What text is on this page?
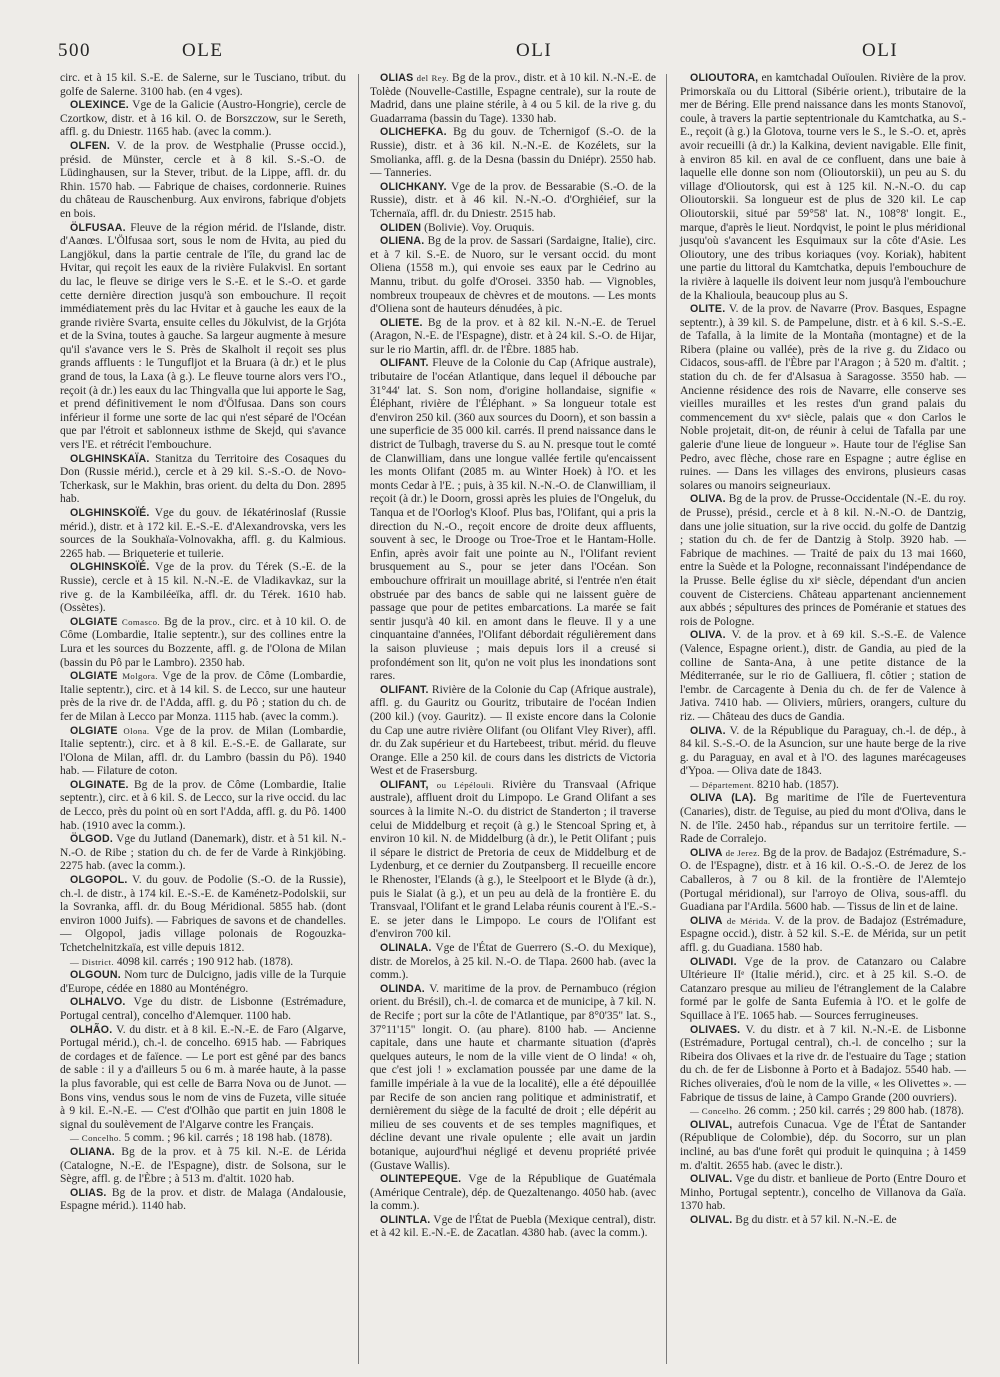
500	OLE	OLI	OLI

circ. et à 15 kil. S.-E. de Salerne, sur le Tusciano, tribut. du golfe de Salerne. 3100 hab. (en 4 vges).

OLEXINCE. Vge de la Galicie (Austro-Hongrie), cercle de Czortkow, distr. et à 16 kil. O. de Borszczow, sur le Sereth, affl. g. du Dniestr. 1165 hab. (avec la comm.).

OLFEN. V. de la prov. de Westphalie (Prusse occid.), présid. de Münster, cercle et à 8 kil. S.-S.-O. de Lüdinghausen, sur la Stever, tribut. de la Lippe, affl. dr. du Rhin. 1570 hab. — Fabrique de chaises, cordonnerie. Ruines du château de Rauschenburg. Aux environs, fabrique d'objets en bois.

ÖLFUSAA. Fleuve de la région mérid. de l'Islande, distr. d'Aanœs. L'Ölfusaa sort, sous le nom de Hvita, au pied du Langjökul, dans la partie centrale de l'île, du grand lac de Hvitar, qui reçoit les eaux de la rivière Fulakvisl. En sortant du lac, le fleuve se dirige vers le S.-E. et le S.-O. et garde cette dernière direction jusqu'à son embouchure. Il reçoit immédiatement près du lac Hvitar et à gauche les eaux de la grande rivière Svarta, ensuite celles du Jökulvist, de la Grjóta et de la Svina, toutes à gauche. Sa largeur augmente à mesure qu'il s'avance vers le S. Près de Skalholt il reçoit ses plus grands affluents : le Tungufljot et la Bruara (à dr.) et le plus grand de tous, la Laxa (à g.). Le fleuve tourne alors vers l'O., reçoit (à dr.) les eaux du lac Thingvalla que lui apporte le Sag, et prend définitivement le nom d'Ölfusaa. Dans son cours inférieur il forme une sorte de lac qui n'est séparé de l'Océan que par l'étroit et sablonneux isthme de Skejd, qui s'avance vers l'E. et rétrécit l'embouchure.

OLGHINSKAÏA. Stanitza du Territoire des Cosaques du Don (Russie mérid.), cercle et à 29 kil. S.-S.-O. de Novo-Tcherkask, sur le Makhin, bras orient. du delta du Don. 2895 hab.

OLGHINSKOÏÉ. Vge du gouv. de Iékatérinoslaf (Russie mérid.), distr. et à 172 kil. E.-S.-E. d'Alexandrovska, vers les sources de la Soukhaïa-Volnovakha, affl. g. du Kalmious. 2265 hab. — Briqueterie et tuilerie.

OLGHINSKOÏÉ. Vge de la prov. du Térek (S.-E. de la Russie), cercle et à 15 kil. N.-N.-E. de Vladikavkaz, sur la rive g. de la Kambiléeïka, affl. dr. du Térek. 1610 hab. (Ossètes).

OLGIATE Comasco. Bg de la prov., circ. et à 10 kil. O. de Côme (Lombardie, Italie septentr.), sur des collines entre la Lura et les sources du Bozzente, affl. g. de l'Olona de Milan (bassin du Pô par le Lambro). 2350 hab.

OLGIATE Molgora. Vge de la prov. de Côme (Lombardie, Italie septentr.), circ. et à 14 kil. S. de Lecco, sur une hauteur près de la rive dr. de l'Adda, affl. g. du Pô ; station du ch. de fer de Milan à Lecco par Monza. 1115 hab. (avec la comm.).

OLGIATE Olona. Vge de la prov. de Milan (Lombardie, Italie septentr.), circ. et à 8 kil. E.-S.-E. de Gallarate, sur l'Olona de Milan, affl. dr. du Lambro (bassin du Pô). 1940 hab. — Filature de coton.

OLGINATE. Bg de la prov. de Côme (Lombardie, Italie septentr.), circ. et à 6 kil. S. de Lecco, sur la rive occid. du lac de Lecco, près du point où en sort l'Adda, affl. g. du Pô. 1400 hab. (1910 avec la comm.).

ÖLGOD. Vge du Jutland (Danemark), distr. et à 51 kil. N.-N.-O. de Ribe ; station du ch. de fer de Varde à Rinkjöbing. 2275 hab. (avec la comm.).

OLGOPOL. V. du gouv. de Podolie (S.-O. de la Russie), ch.-l. de distr., à 174 kil. E.-S.-E. de Kaménetz-Podolskii, sur la Sovranka, affl. dr. du Boug Méridional. 5855 hab. (dont environ 1000 Juifs). — Fabriques de savons et de chandelles. — Olgopol, jadis village polonais de Rogouzka-Tchetchelnitzkaïa, est ville depuis 1812.

— District. 4098 kil. carrés ; 190 912 hab. (1878).

OLGOUN. Nom turc de Dulcigno, jadis ville de la Turquie d'Europe, cédée en 1880 au Monténégro.

OLHALVO. Vge du distr. de Lisbonne (Estrémadure, Portugal central), concelho d'Alemquer. 1100 hab.

OLHÃO. V. du distr. et à 8 kil. E.-N.-E. de Faro (Algarve, Portugal mérid.), ch.-l. de concelho. 6915 hab. — Fabriques de cordages et de faïence. — Le port est gêné par des bancs de sable : il y a d'ailleurs 5 ou 6 m. à marée haute, à la passe la plus favorable, qui est celle de Barra Nova ou de Junot. — Bons vins, vendus sous le nom de vins de Fuzeta, ville située à 9 kil. E.-N.-E. — C'est d'Olhão que partit en juin 1808 le signal du soulèvement de l'Algarve contre les Français.

— Concelho. 5 comm. ; 96 kil. carrés ; 18 198 hab. (1878).

OLIANA. Bg de la prov. et à 75 kil. N.-E. de Lérida (Catalogne, N.-E. de l'Espagne), distr. de Solsona, sur le Sègre, affl. g. de l'Èbre ; à 513 m. d'altit. 1020 hab.

OLIAS. Bg de la prov. et distr. de Malaga (Andalousie, Espagne mérid.). 1140 hab.

OLIAS del Rey. Bg de la prov., distr. et à 10 kil. N.-N.-E. de Tolède (Nouvelle-Castille, Espagne centrale), sur la route de Madrid, dans une plaine stérile, à 4 ou 5 kil. de la rive g. du Guadarrama (bassin du Tage). 1330 hab.

OLICHEFKA. Bg du gouv. de Tchernigof (S.-O. de la Russie), distr. et à 36 kil. N.-N.-E. de Kozélets, sur la Smolianka, affl. g. de la Desna (bassin du Dniépr). 2550 hab. — Tanneries.

OLICHKANY. Vge de la prov. de Bessarabie (S.-O. de la Russie), distr. et à 46 kil. N.-N.-O. d'Orghiéief, sur la Tchernaïa, affl. dr. du Dniestr. 2515 hab.

OLIDEN (Bolivie). Voy. Oruquis.

OLIENA. Bg de la prov. de Sassari (Sardaigne, Italie), circ. et à 7 kil. S.-E. de Nuoro, sur le versant occid. du mont Oliena (1558 m.), qui envoie ses eaux par le Cedrino au Mannu, tribut. du golfe d'Orosei. 3350 hab. — Vignobles, nombreux troupeaux de chèvres et de moutons. — Les monts d'Oliena sont de hauteurs dénudées, à pic.

OLIETE. Bg de la prov. et à 82 kil. N.-N.-E. de Teruel (Aragon, N.-E. de l'Espagne), distr. et à 24 kil. S.-O. de Hijar, sur le rio Martin, affl. dr. de l'Èbre. 1885 hab.

OLIFANT. Fleuve de la Colonie du Cap (Afrique australe), tributaire de l'océan Atlantique, dans lequel il débouche par 31°44' lat. S. Son nom, d'origine hollandaise, signifie « Éléphant, rivière de l'Éléphant. » Sa longueur totale est d'environ 250 kil. (360 aux sources du Doorn), et son bassin a une superficie de 35 000 kil. carrés. Il prend naissance dans le district de Tulbagh, traverse du S. au N. presque tout le comté de Clanwilliam, dans une longue vallée fertile qu'encaissent les monts Olifant (2085 m. au Winter Hoek) à l'O. et les monts Cedar à l'E. ; puis, à 35 kil. N.-N.-O. de Clanwilliam, il reçoit (à dr.) le Doorn, grossi après les pluies de l'Ongeluk, du Tanqua et de l'Oorlog's Kloof. Plus bas, l'Olifant, qui a pris la direction du N.-O., reçoit encore de droite deux affluents, souvent à sec, le Drooge ou Troe-Troe et le Hantam-Holle. Enfin, après avoir fait une pointe au N., l'Olifant revient brusquement au S., pour se jeter dans l'Océan. Son embouchure offrirait un mouillage abrité, si l'entrée n'en était obstruée par des bancs de sable qui ne laissent guère de passage que pour de petites embarcations. La marée se fait sentir jusqu'à 40 kil. en amont dans le fleuve. Il y a une cinquantaine d'années, l'Olifant débordait régulièrement dans la saison pluvieuse ; mais depuis lors il a creusé si profondément son lit, qu'on ne voit plus les inondations sont rares.

OLIFANT. Rivière de la Colonie du Cap (Afrique australe), affl. g. du Gauritz ou Gouritz, tributaire de l'océan Indien (200 kil.) (voy. Gauritz). — Il existe encore dans la Colonie du Cap une autre rivière Olifant (ou Olifant Vley River), affl. dr. du Zak supérieur et du Hartebeest, tribut. mérid. du fleuve Orange. Elle a 250 kil. de cours dans les districts de Victoria West et de Frasersburg.

OLIFANT, ou Lépélouli. Rivière du Transvaal (Afrique australe), affluent droit du Limpopo. Le Grand Olifant a ses sources à la limite N.-O. du district de Standerton ; il traverse celui de Middelburg et reçoit (à g.) le Stencoal Spring et, à environ 10 kil. N. de Middelburg (à dr.), le Petit Olifant ; puis il sépare le district de Pretoria de ceux de Middelburg et de Lydenburg, et ce dernier du Zoutpansberg. Il recueille encore le Rhenoster, l'Elands (à g.), le Steelpoort et le Blyde (à dr.), puis le Sialat (à g.), et un peu au delà de la frontière E. du Transvaal, l'Olifant et le grand Lelaba réunis courent à l'E.-S.-E. se jeter dans le Limpopo. Le cours de l'Olifant est d'environ 700 kil.

OLINALA. Vge de l'État de Guerrero (S.-O. du Mexique), distr. de Morelos, à 25 kil. N.-O. de Tlapa. 2600 hab. (avec la comm.).

OLINDA. V. maritime de la prov. de Pernambuco (région orient. du Brésil), ch.-l. de comarca et de municipe, à 7 kil. N. de Recife ; port sur la côte de l'Atlantique, par 8°0'35" lat. S., 37°11'15" longit. O. (au phare). 8100 hab. — Ancienne capitale, dans une haute et charmante situation (d'après quelques auteurs, le nom de la ville vient de O linda! « oh, que c'est joli ! » exclamation poussée par une dame de la famille impériale à la vue de la localité), elle a été dépouillée par Recife de son ancien rang politique et administratif, et dernièrement du siège de la faculté de droit ; elle dépérit au milieu de ses couvents et de ses temples magnifiques, et décline devant une rivale opulente ; elle avait un jardin botanique, aujourd'hui négligé et devenu propriété privée (Gustave Wallis).

OLINTEPEQUE. Vge de la République de Guatémala (Amérique Centrale), dép. de Quezaltenango. 4050 hab. (avec la comm.).

OLINTLA. Vge de l'État de Puebla (Mexique central), distr. et à 42 kil. E.-N.-E. de Zacatlan. 4380 hab. (avec la comm.).

OLIOUTORA, en kamtchadal Ouïoulen. Rivière de la prov. Primorskaïa ou du Littoral (Sibérie orient.), tributaire de la mer de Béring. Elle prend naissance dans les monts Stanovoï, coule, à travers la partie septentrionale du Kamtchatka, au S.-E., reçoit (à g.) la Glotova, tourne vers le S., le S.-O. et, après avoir recueilli (à dr.) la Kalkina, devient navigable. Elle finit, à environ 85 kil. en aval de ce confluent, dans une baie à laquelle elle donne son nom (Olioutorskii), un peu au S. du village d'Olioutorsk, qui est à 125 kil. N.-N.-O. du cap Olioutorskii. Sa longueur est de plus de 320 kil. Le cap Olioutorskii, situé par 59°58' lat. N., 108°8' longit. E., marque, d'après le lieut. Nordqvist, le point le plus méridional jusqu'où s'avancent les Esquimaux sur la côte d'Asie. Les Olioutory, une des tribus koriaques (voy. Koriak), habitent une partie du littoral du Kamtchatka, depuis l'embouchure de la rivière à laquelle ils doivent leur nom jusqu'à l'embouchure de la Khalioula, beaucoup plus au S.

OLITE. V. de la prov. de Navarre (Prov. Basques, Espagne septentr.), à 39 kil. S. de Pampelune, distr. et à 6 kil. S.-S.-E. de Tafalla, à la limite de la Montaña (montagne) et de la Ribera (plaine ou vallée), près de la rive g. du Zidaco ou Cidacos, sous-affl. de l'Èbre par l'Aragon ; à 520 m. d'altit. ; station du ch. de fer d'Alsasua à Saragosse. 3550 hab. — Ancienne résidence des rois de Navarre, elle conserve ses vieilles murailles et les restes d'un grand palais du commencement du xvᵉ siècle, palais que « don Carlos le Noble projetait, dit-on, de réunir à celui de Tafalla par une galerie d'une lieue de longueur ». Haute tour de l'église San Pedro, avec flèche, chose rare en Espagne ; autre église en ruines. — Dans les villages des environs, plusieurs casas solares ou manoirs seigneuriaux.

OLIVA. Bg de la prov. de Prusse-Occidentale (N.-E. du roy. de Prusse), présid., cercle et à 8 kil. N.-N.-O. de Dantzig, dans une jolie situation, sur la rive occid. du golfe de Dantzig ; station du ch. de fer de Dantzig à Stolp. 3920 hab. — Fabrique de machines. — Traité de paix du 13 mai 1660, entre la Suède et la Pologne, reconnaissant l'indépendance de la Prusse. Belle église du xiᵉ siècle, dépendant d'un ancien couvent de Cisterciens. Château appartenant anciennement aux abbés ; sépultures des princes de Poméranie et statues des rois de Pologne.

OLIVA. V. de la prov. et à 69 kil. S.-S.-E. de Valence (Valence, Espagne orient.), distr. de Gandia, au pied de la colline de Santa-Ana, à une petite distance de la Méditerranée, sur le rio de Galliuera, fl. côtier ; station de l'embr. de Carcagente à Denia du ch. de fer de Valence à Jativa. 7410 hab. — Oliviers, mûriers, orangers, culture du riz. — Château des ducs de Gandia.

OLIVA. V. de la République du Paraguay, ch.-l. de dép., à 84 kil. S.-S.-O. de la Asuncion, sur une haute berge de la rive g. du Paraguay, en aval et à l'O. des lagunes marécageuses d'Ypoa. — Oliva date de 1843.

— Département. 8210 hab. (1857).

OLIVA (LA). Bg maritime de l'île de Fuerteventura (Canaries), distr. de Teguise, au pied du mont d'Oliva, dans le N. de l'île. 2450 hab., répandus sur un territoire fertile. — Rade de Corralejo.

OLIVA de Jerez. Bg de la prov. de Badajoz (Estrémadure, S.-O. de l'Espagne), distr. et à 16 kil. O.-S.-O. de Jerez de los Caballeros, à 7 ou 8 kil. de la frontière de l'Alemtejo (Portugal méridional), sur l'arroyo de Oliva, sous-affl. du Guadiana par l'Ardila. 5600 hab. — Tissus de lin et de laine.

OLIVA de Mérida. V. de la prov. de Badajoz (Estrémadure, Espagne occid.), distr. à 52 kil. S.-E. de Mérida, sur un petit affl. g. du Guadiana. 1580 hab.

OLIVADI. Vge de la prov. de Catanzaro ou Calabre Ultérieure IIᵉ (Italie mérid.), circ. et à 25 kil. S.-O. de Catanzaro presque au milieu de l'étranglement de la Calabre formé par le golfe de Santa Eufemia à l'O. et le golfe de Squillace à l'E. 1065 hab. — Sources ferrugineuses.

OLIVAES. V. du distr. et à 7 kil. N.-N.-E. de Lisbonne (Estrémadure, Portugal central), ch.-l. de concelho ; sur la Ribeira dos Olivaes et la rive dr. de l'estuaire du Tage ; station du ch. de fer de Lisbonne à Porto et à Badajoz. 5540 hab. — Riches oliveraies, d'où le nom de la ville, « les Olivettes ». — Fabrique de tissus de laine, à Campo Grande (200 ouvriers).

— Concelho. 26 comm. ; 250 kil. carrés ; 29 800 hab. (1878).

OLIVAL, autrefois Cunacua. Vge de l'État de Santander (République de Colombie), dép. du Socorro, sur un plan incliné, au bas d'une forêt qui produit le quinquina ; à 1459 m. d'altit. 2655 hab. (avec le distr.).

OLIVAL. Vge du distr. et banlieue de Porto (Entre Douro et Minho, Portugal septentr.), concelho de Villanova da Gaïa. 1370 hab.

OLIVAL. Bg du distr. et à 57 kil. N.-N.-E. de
